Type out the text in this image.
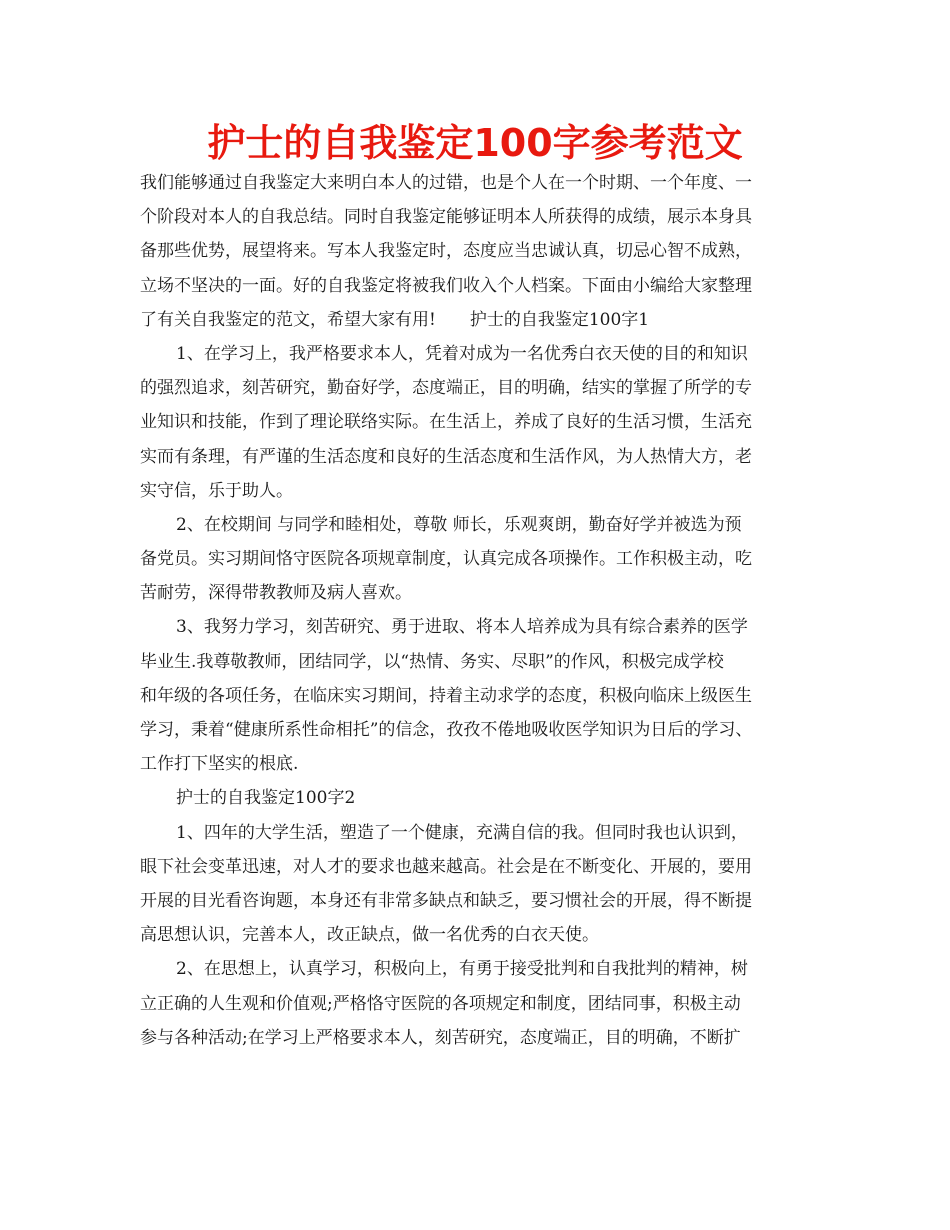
护士的自我鉴定100字参考范文
我们能够通过自我鉴定大来明白本人的过错，也是个人在一个时期、一个年度、一
个阶段对本人的自我总结。同时自我鉴定能够证明本人所获得的成绩，展示本身具
备那些优势，展望将来。写本人我鉴定时，态度应当忠诚认真，切忌心智不成熟，
立场不坚决的一面。好的自我鉴定将被我们收入个人档案。下面由小编给大家整理
了有关自我鉴定的范文，希望大家有用!　　护士的自我鉴定100字1
1、在学习上，我严格要求本人，凭着对成为一名优秀白衣天使的目的和知识
的强烈追求，刻苦研究，勤奋好学，态度端正，目的明确，结实的掌握了所学的专
业知识和技能，作到了理论联络实际。在生活上，养成了良好的生活习惯，生活充
实而有条理，有严谨的生活态度和良好的生活态度和生活作风，为人热情大方，老
实守信，乐于助人。
2、在校期间 与同学和睦相处，尊敬 师长，乐观爽朗，勤奋好学并被选为预
备党员。实习期间恪守医院各项规章制度，认真完成各项操作。工作积极主动，吃
苦耐劳，深得带教教师及病人喜欢。
3、我努力学习，刻苦研究、勇于进取、将本人培养成为具有综合素养的医学
毕业生.我尊敬教师，团结同学，以“热情、务实、尽职”的作风，积极完成学校
和年级的各项任务，在临床实习期间，持着主动求学的态度，积极向临床上级医生
学习，秉着“健康所系性命相托”的信念，孜孜不倦地吸收医学知识为日后的学习、
工作打下坚实的根底.
护士的自我鉴定100字2
1、四年的大学生活，塑造了一个健康，充满自信的我。但同时我也认识到，
眼下社会变革迅速，对人才的要求也越来越高。社会是在不断变化、开展的，要用
开展的目光看咨询题，本身还有非常多缺点和缺乏，要习惯社会的开展，得不断提
高思想认识，完善本人，改正缺点，做一名优秀的白衣天使。
2、在思想上，认真学习，积极向上，有勇于接受批判和自我批判的精神，树
立正确的人生观和价值观;严格恪守医院的各项规定和制度，团结同事，积极主动
参与各种活动;在学习上严格要求本人，刻苦研究，态度端正，目的明确，不断扩
